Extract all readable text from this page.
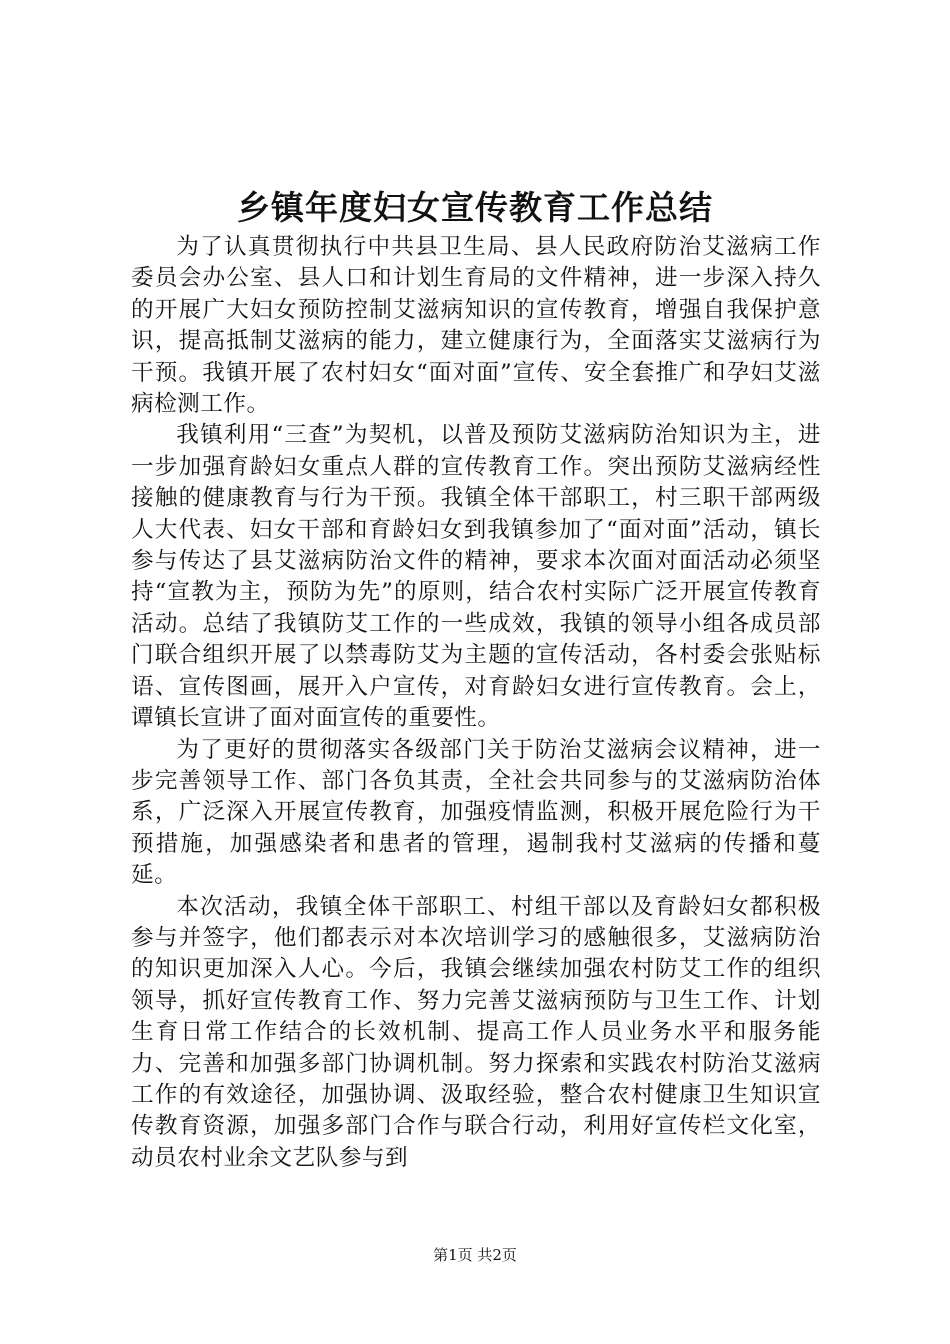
乡镇年度妇女宣传教育工作总结

为了认真贯彻执行中共县卫生局、县人民政府防治艾滋病工作委员会办公室、县人口和计划生育局的文件精神，进一步深入持久的开展广大妇女预防控制艾滋病知识的宣传教育，增强自我保护意识，提高抵制艾滋病的能力，建立健康行为，全面落实艾滋病行为干预。我镇开展了农村妇女“面对面”宣传、安全套推广和孕妇艾滋病检测工作。

我镇利用“三查”为契机，以普及预防艾滋病防治知识为主，进一步加强育龄妇女重点人群的宣传教育工作。突出预防艾滋病经性接触的健康教育与行为干预。我镇全体干部职工，村三职干部两级人大代表、妇女干部和育龄妇女到我镇参加了“面对面”活动，镇长参与传达了县艾滋病防治文件的精神，要求本次面对面活动必须坚持“宣教为主，预防为先”的原则，结合农村实际广泛开展宣传教育活动。总结了我镇防艾工作的一些成效，我镇的领导小组各成员部门联合组织开展了以禁毒防艾为主题的宣传活动，各村委会张贴标语、宣传图画，展开入户宣传，对育龄妇女进行宣传教育。会上，谭镇长宣讲了面对面宣传的重要性。

为了更好的贯彻落实各级部门关于防治艾滋病会议精神，进一步完善领导工作、部门各负其责，全社会共同参与的艾滋病防治体系，广泛深入开展宣传教育，加强疫情监测，积极开展危险行为干预措施，加强感染者和患者的管理，遏制我村艾滋病的传播和蔓延。

本次活动，我镇全体干部职工、村组干部以及育龄妇女都积极参与并签字，他们都表示对本次培训学习的感触很多，艾滋病防治的知识更加深入人心。今后，我镇会继续加强农村防艾工作的组织领导，抓好宣传教育工作、努力完善艾滋病预防与卫生工作、计划生育日常工作结合的长效机制、提高工作人员业务水平和服务能力、完善和加强多部门协调机制。努力探索和实践农村防治艾滋病工作的有效途径，加强协调、汲取经验，整合农村健康卫生知识宣传教育资源，加强多部门合作与联合行动，利用好宣传栏文化室，动员农村业余文艺队参与到

第1页 共2页
